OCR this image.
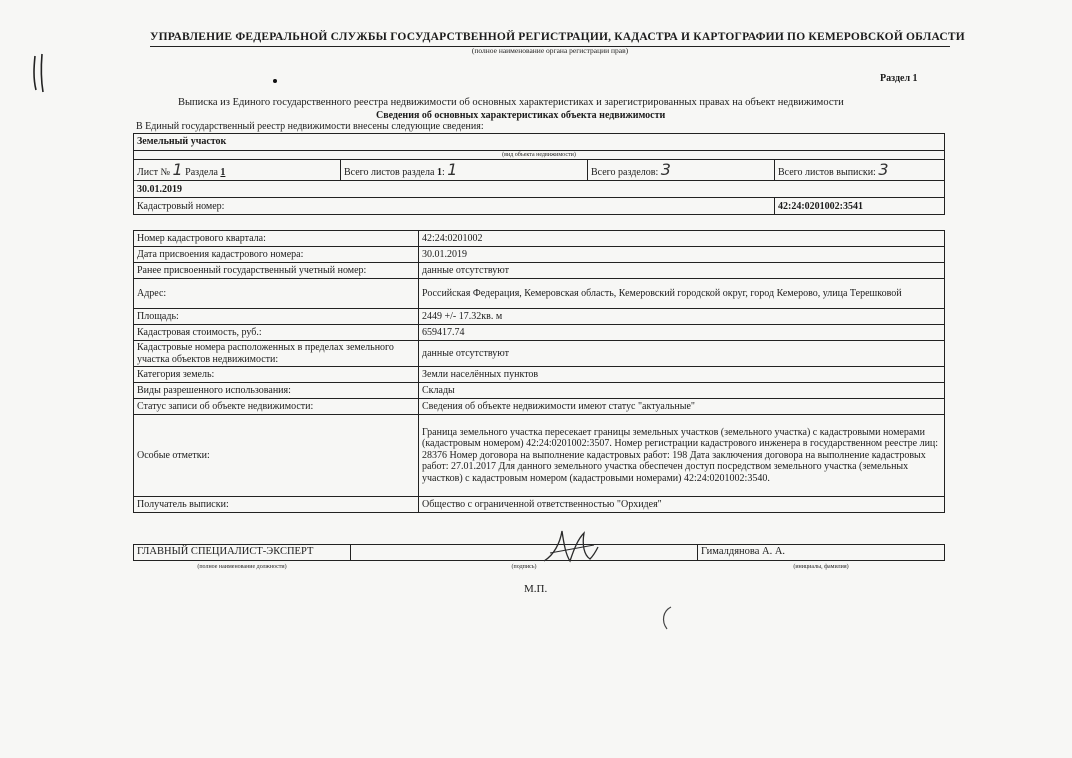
УПРАВЛЕНИЕ ФЕДЕРАЛЬНОЙ СЛУЖБЫ ГОСУДАРСТВЕННОЙ РЕГИСТРАЦИИ, КАДАСТРА И КАРТОГРАФИИ ПО КЕМЕРОВСКОЙ ОБЛАСТИ
(полное наименование органа регистрации прав)
Раздел 1
Выписка из Единого государственного реестра недвижимости об основных характеристиках и зарегистрированных правах на объект недвижимости
Сведения об основных характеристиках объекта недвижимости
В Единый государственный реестр недвижимости внесены следующие сведения:
Земельный участок			
(вид объекта недвижимости)			
Лист № 1 Раздела 1	Всего листов раздела 1: 1	Всего разделов: 3	Всего листов выписки: 3
30.01.2019			
Кадастровый номер:			42:24:0201002:3541
Номер кадастрового квартала:	42:24:0201002
Дата присвоения кадастрового номера:	30.01.2019
Ранее присвоенный государственный учетный номер:	данные отсутствуют
Адрес:	Российская Федерация, Кемеровская область, Кемеровский городской округ, город Кемерово, улица Терешковой
Площадь:	2449 +/- 17.32кв. м
Кадастровая стоимость, руб.:	659417.74
Кадастровые номера расположенных в пределах земельного участка объектов недвижимости:	данные отсутствуют
Категория земель:	Земли населённых пунктов
Виды разрешенного использования:	Склады
Статус записи об объекте недвижимости:	Сведения об объекте недвижимости имеют статус "актуальные"
Особые отметки:	Граница земельного участка пересекает границы земельных участков (земельного участка) с кадастровыми номерами (кадастровым номером) 42:24:0201002:3507. Номер регистрации кадастрового инженера в государственном реестре лиц: 28376 Номер договора на выполнение кадастровых работ: 198 Дата заключения договора на выполнение кадастровых работ: 27.01.2017 Для данного земельного участка обеспечен доступ посредством земельного участка (земельных участков) с кадастровым номером (кадастровыми номерами) 42:24:0201002:3540.
Получатель выписки:	Общество с ограниченной ответственностью "Орхидея"
ГЛАВНЫЙ СПЕЦИАЛИСТ-ЭКСПЕРТ		Гималдянова А. А.
(полное наименование должности)	(подпись)	(инициалы, фамилия)
М.П.
